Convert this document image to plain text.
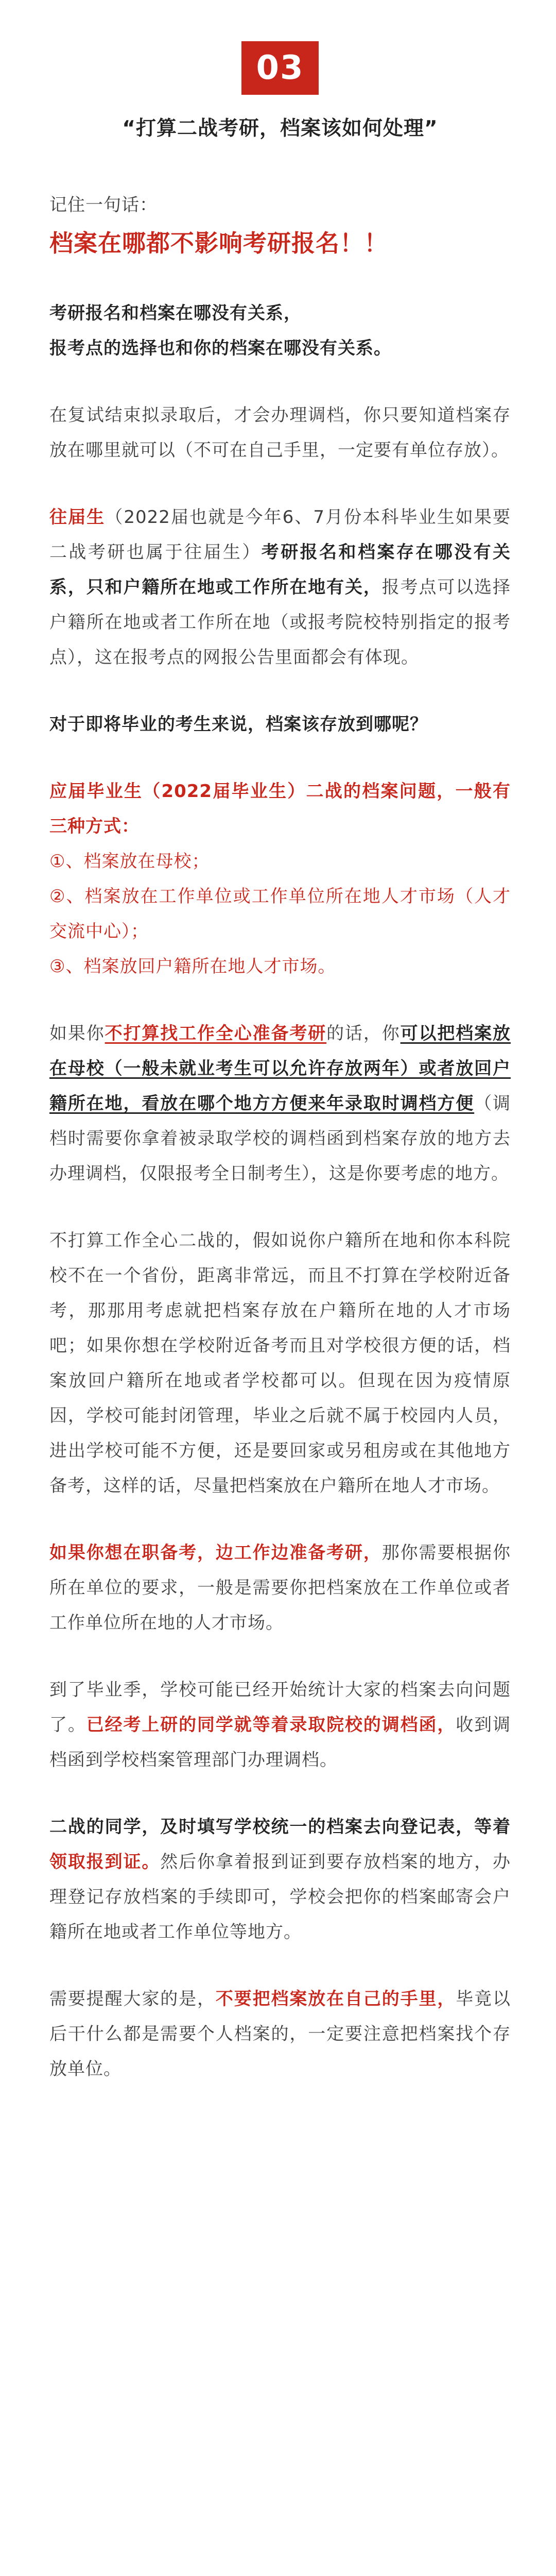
03
“打算二战考研，档案该如何处理”

记住一句话：

档案在哪都不影响考研报名！！

考研报名和档案在哪没有关系，

报考点的选择也和你的档案在哪没有关系。

在复试结束拟录取后，才会办理调档，你只要知道档案存放在哪里就可以（不可在自己手里，一定要有单位存放）。

往届生（2022届也就是今年6、7月份本科毕业生如果要二战考研也属于往届生）考研报名和档案存在哪没有关系，只和户籍所在地或工作所在地有关，报考点可以选择户籍所在地或者工作所在地（或报考院校特别指定的报考点），这在报考点的网报公告里面都会有体现。

对于即将毕业的考生来说，档案该存放到哪呢？

应届毕业生（2022届毕业生）二战的档案问题，一般有三种方式：

①、档案放在母校；

②、档案放在工作单位或工作单位所在地人才市场（人才交流中心）；

③、档案放回户籍所在地人才市场。

如果你不打算找工作全心准备考研的话，你可以把档案放在母校（一般未就业考生可以允许存放两年）或者放回户籍所在地，看放在哪个地方方便来年录取时调档方便（调档时需要你拿着被录取学校的调档函到档案存放的地方去办理调档，仅限报考全日制考生），这是你要考虑的地方。

不打算工作全心二战的，假如说你户籍所在地和你本科院校不在一个省份，距离非常远，而且不打算在学校附近备考，那那用考虑就把档案存放在户籍所在地的人才市场吧；如果你想在学校附近备考而且对学校很方便的话，档案放回户籍所在地或者学校都可以。但现在因为疫情原因，学校可能封闭管理，毕业之后就不属于校园内人员，进出学校可能不方便，还是要回家或另租房或在其他地方备考，这样的话，尽量把档案放在户籍所在地人才市场。

如果你想在职备考，边工作边准备考研，那你需要根据你所在单位的要求，一般是需要你把档案放在工作单位或者工作单位所在地的人才市场。

到了毕业季，学校可能已经开始统计大家的档案去向问题了。已经考上研的同学就等着录取院校的调档函，收到调档函到学校档案管理部门办理调档。

二战的同学，及时填写学校统一的档案去向登记表，等着领取报到证。然后你拿着报到证到要存放档案的地方，办理登记存放档案的手续即可，学校会把你的档案邮寄会户籍所在地或者工作单位等地方。

需要提醒大家的是，不要把档案放在自己的手里，毕竟以后干什么都是需要个人档案的，一定要注意把档案找个存放单位。
